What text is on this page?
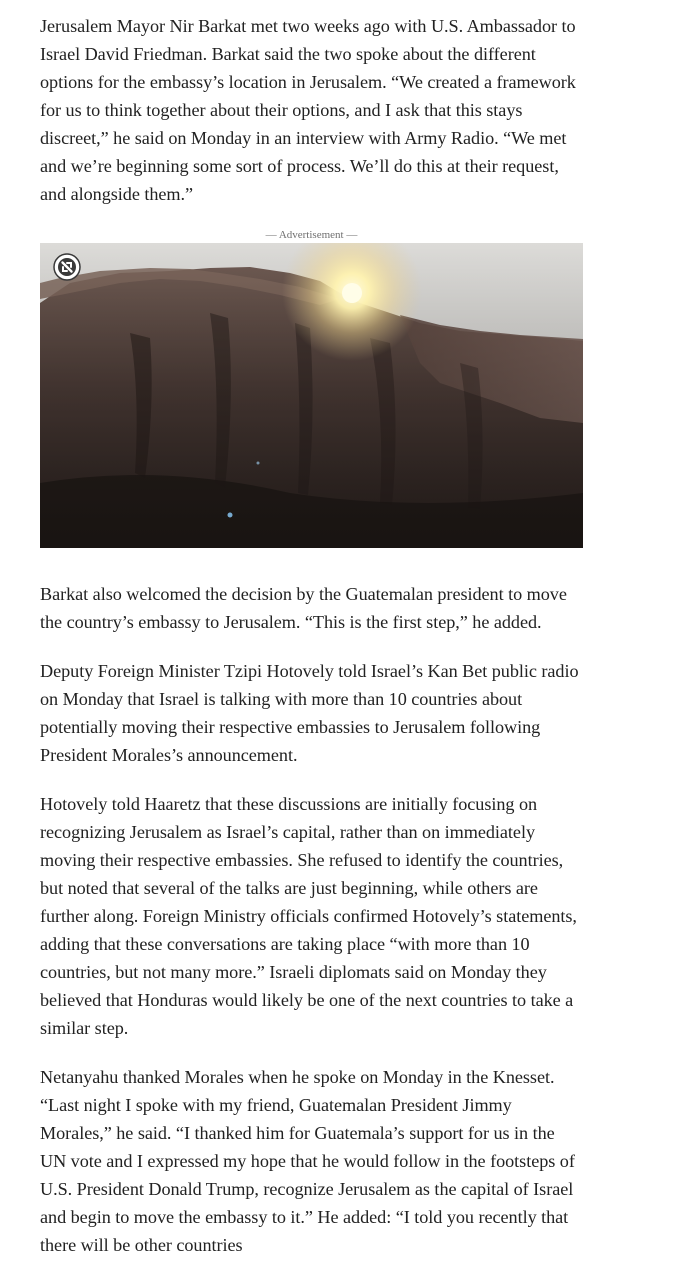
Jerusalem Mayor Nir Barkat met two weeks ago with U.S. Ambassador to Israel David Friedman. Barkat said the two spoke about the different options for the embassy’s location in Jerusalem. “We created a framework for us to think together about their options, and I ask that this stays discreet,” he said on Monday in an interview with Army Radio. “We met and we’re beginning some sort of process. We’ll do this at their request, and alongside them.”

— Advertisement —

Barkat also welcomed the decision by the Guatemalan president to move the country’s embassy to Jerusalem. “This is the first step,” he added.

Deputy Foreign Minister Tzipi Hotovely told Israel’s Kan Bet public radio on Monday that Israel is talking with more than 10 countries about potentially moving their respective embassies to Jerusalem following President Morales’s announcement.

Hotovely told Haaretz that these discussions are initially focusing on recognizing Jerusalem as Israel’s capital, rather than on immediately moving their respective embassies. She refused to identify the countries, but noted that several of the talks are just beginning, while others are further along. Foreign Ministry officials confirmed Hotovely’s statements, adding that these conversations are taking place “with more than 10 countries, but not many more.” Israeli diplomats said on Monday they believed that Honduras would likely be one of the next countries to take a similar step.

Netanyahu thanked Morales when he spoke on Monday in the Knesset. “Last night I spoke with my friend, Guatemalan President Jimmy Morales,” he said. “I thanked him for Guatemala’s support for us in the UN vote and I expressed my hope that he would follow in the footsteps of U.S. President Donald Trump, recognize Jerusalem as the capital of Israel and begin to move the embassy to it.” He added: “I told you recently that there will be other countries
